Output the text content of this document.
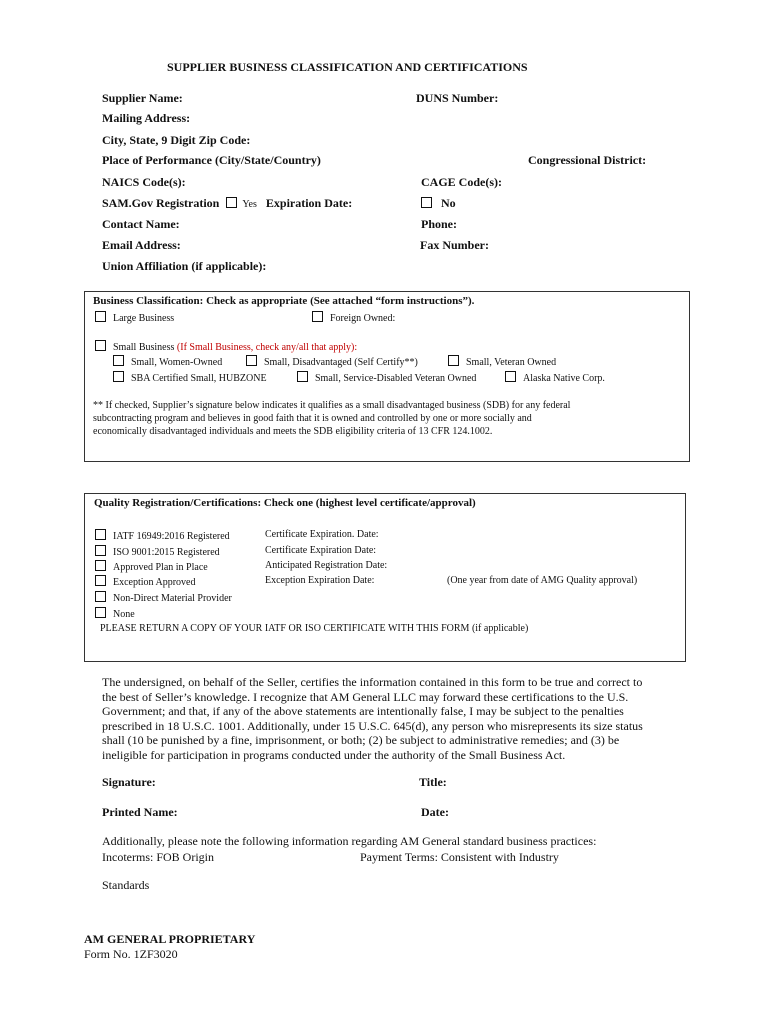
SUPPLIER BUSINESS CLASSIFICATION AND CERTIFICATIONS
Supplier Name:	DUNS Number:
Mailing Address:
City, State, 9 Digit Zip Code:
Place of Performance (City/State/Country)	Congressional District:
NAICS Code(s):	CAGE Code(s):
SAM.Gov Registration Yes Expiration Date:	No
Contact Name:	Phone:
Email Address:	Fax Number:
Union Affiliation (if applicable):
Business Classification: Check as appropriate (See attached “form instructions”).
Large Business	Foreign Owned:
Small Business (If Small Business, check any/all that apply):
Small, Women-Owned	Small, Disadvantaged (Self Certify**)	Small, Veteran Owned
SBA Certified Small, HUBZONE	Small, Service-Disabled Veteran Owned	Alaska Native Corp.
** If checked, Supplier’s signature below indicates it qualifies as a small disadvantaged business (SDB) for any federal
subcontracting program and believes in good faith that it is owned and controlled by one or more socially and
economically disadvantaged individuals and meets the SDB eligibility criteria of 13 CFR 124.1002.
Quality Registration/Certifications: Check one (highest level certificate/approval)
IATF 16949:2016 Registered
ISO 9001:2015 Registered
Approved Plan in Place
Exception Approved
Non-Direct Material Provider
None
Certificate Expiration. Date:
Certificate Expiration Date:
Anticipated Registration Date:
Exception Expiration Date:	(One year from date of AMG Quality approval)
PLEASE RETURN A COPY OF YOUR IATF OR ISO CERTIFICATE WITH THIS FORM (if applicable)
The undersigned, on behalf of the Seller, certifies the information contained in this form to be true and correct to
the best of Seller’s knowledge. I recognize that AM General LLC may forward these certifications to the U.S.
Government; and that, if any of the above statements are intentionally false, I may be subject to the penalties
prescribed in 18 U.S.C. 1001. Additionally, under 15 U.S.C. 645(d), any person who misrepresents its size status
shall (10 be punished by a fine, imprisonment, or both; (2) be subject to administrative remedies; and (3) be
ineligible for participation in programs conducted under the authority of the Small Business Act.
Signature:	Title:
Printed Name:	Date:
Additionally, please note the following information regarding AM General standard business practices:
Incoterms: FOB Origin	Payment Terms: Consistent with Industry
Standards
AM GENERAL PROPRIETARY
Form No. 1ZF3020
